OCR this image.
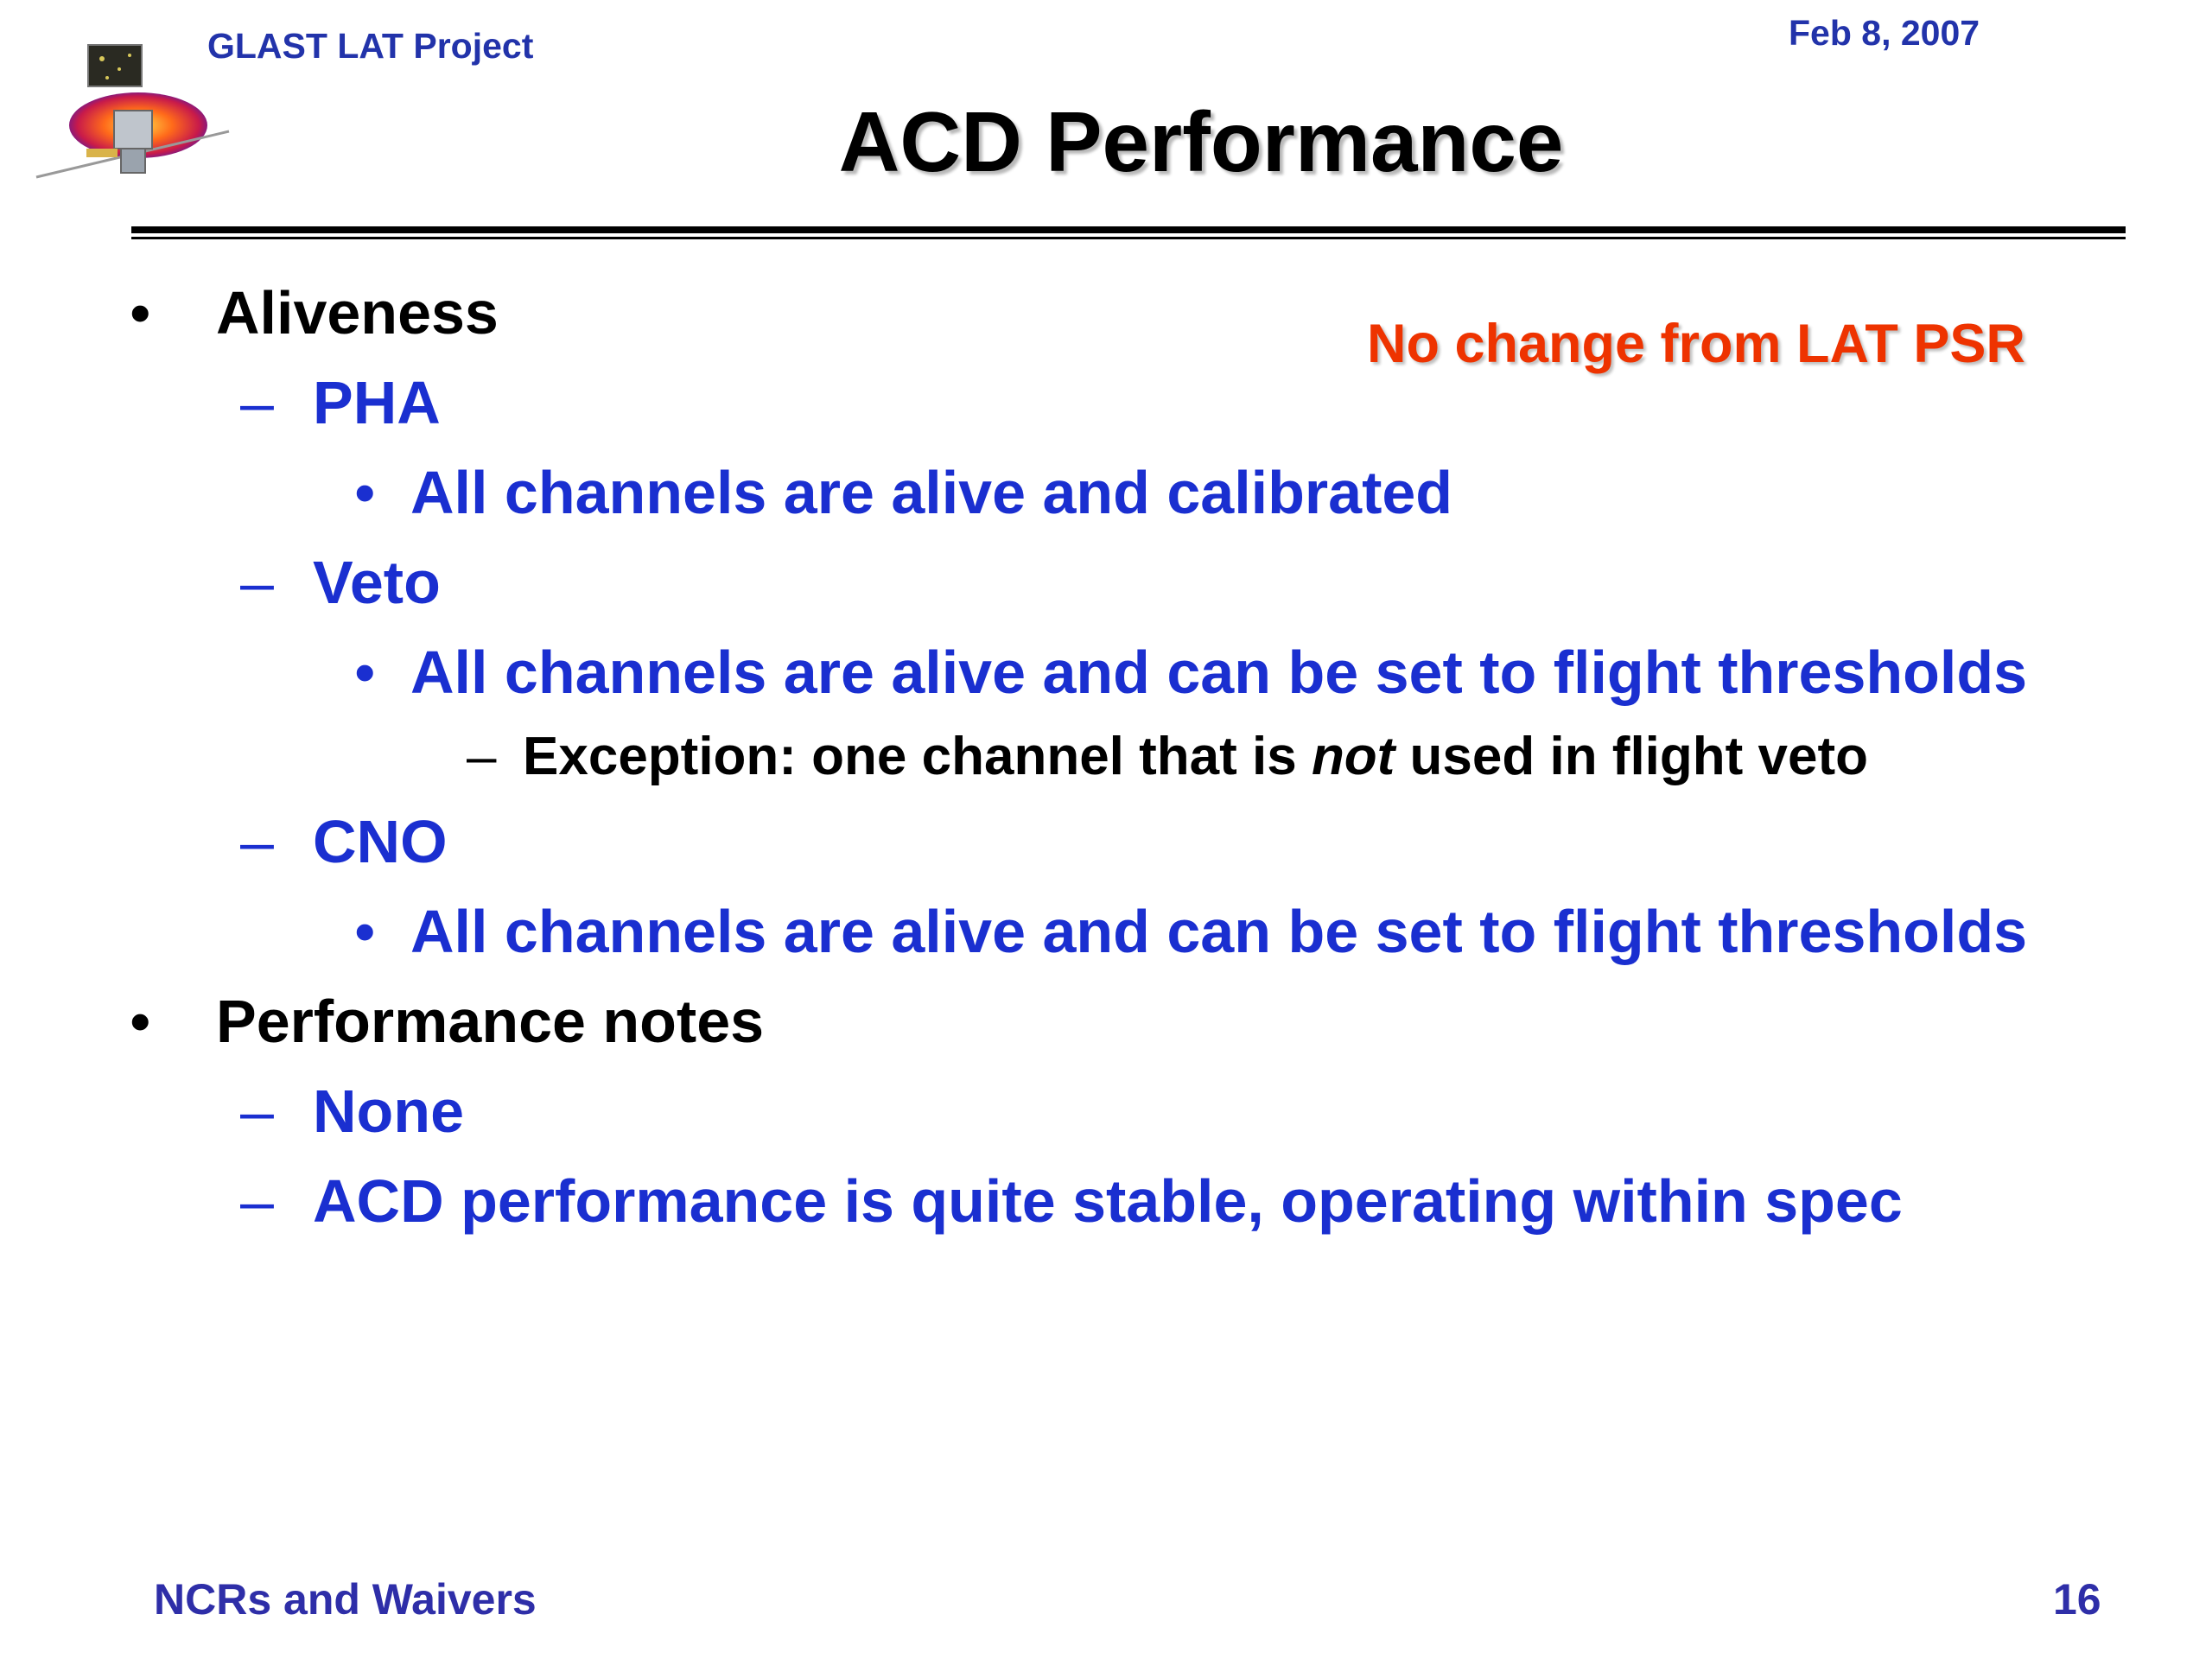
GLAST LAT Project	Feb 8, 2007
ACD Performance
No change from LAT PSR
• Aliveness
– PHA
• All channels are alive and calibrated
– Veto
• All channels are alive and can be set to flight thresholds
– Exception: one channel that is not used in flight veto
– CNO
• All channels are alive and can be set to flight thresholds
• Performance notes
– None
– ACD performance is quite stable, operating within spec
NCRs and Waivers	16
